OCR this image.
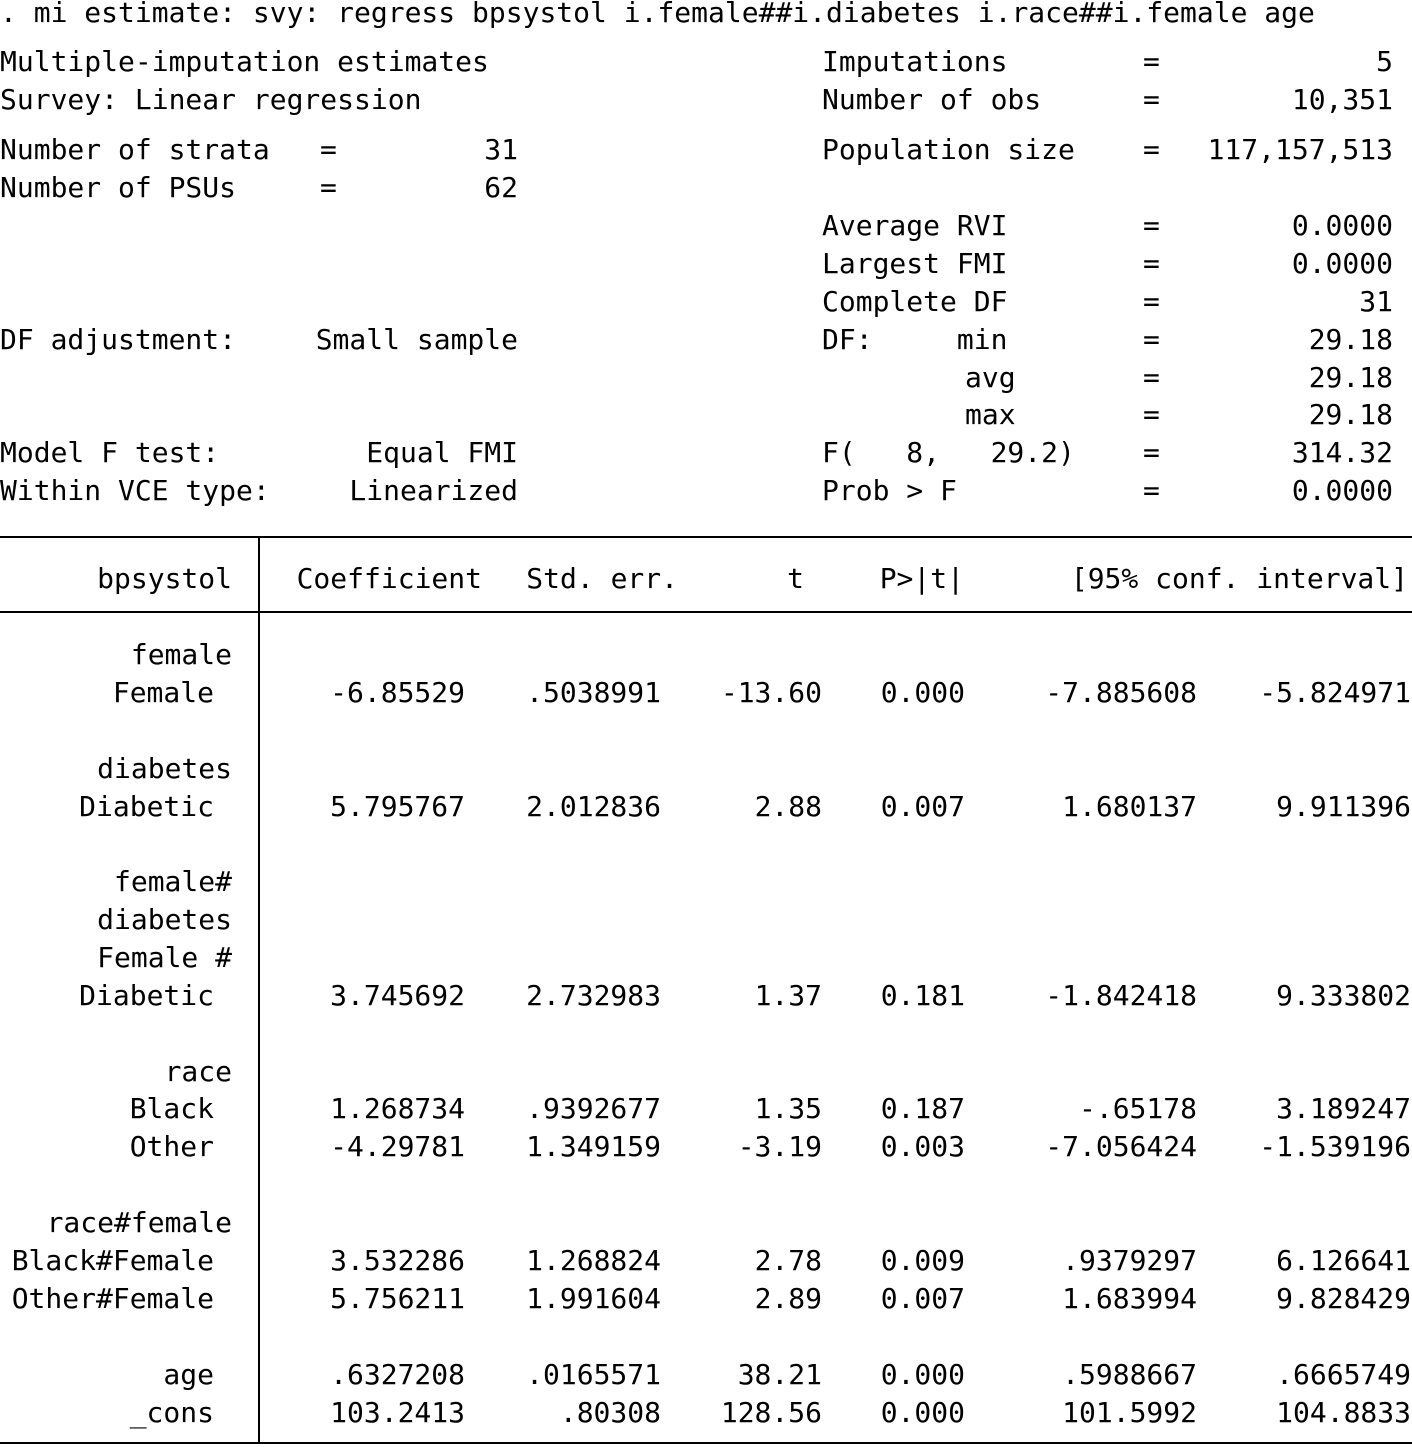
. mi estimate: svy: regress bpsystol i.female##i.diabetes i.race##i.female age
Multiple-imputation estimates
Survey: Linear regression
Number of strata =	31
Number of PSUs	=	62
DF adjustment:	Small sample
Model F test:	Equal FMI
Within VCE type:	Linearized
Imputations	=	5
Number of obs	=	10,351
Population size =	117,157,513
Average RVI	=	0.0000
Largest FMI	=	0.0000
Complete DF	=	31
DF:     min	=	29.18
avg	=	29.18
max	=	29.18
F(   8,   29.2) =	314.32
Prob > F	=	0.0000
bpsystol	Coefficient	Std. err.	t	P>|t|	[95% conf. interval]
female
Female	-6.85529	.5038991	-13.60	0.000	-7.885608	-5.824971
diabetes
Diabetic	5.795767	2.012836	2.88	0.007	1.680137	9.911396
female#
diabetes
Female #
Diabetic	3.745692	2.732983	1.37	0.181	-1.842418	9.333802
race
Black	1.268734	.9392677	1.35	0.187	-.65178	3.189247
Other	-4.29781	1.349159	-3.19	0.003	-7.056424	-1.539196
race#female
Black#Female	3.532286	1.268824	2.78	0.009	.9379297	6.126641
Other#Female	5.756211	1.991604	2.89	0.007	1.683994	9.828429
age	.6327208	.0165571	38.21	0.000	.5988667	.6665749
_cons	103.2413	.80308	128.56	0.000	101.5992	104.8833
